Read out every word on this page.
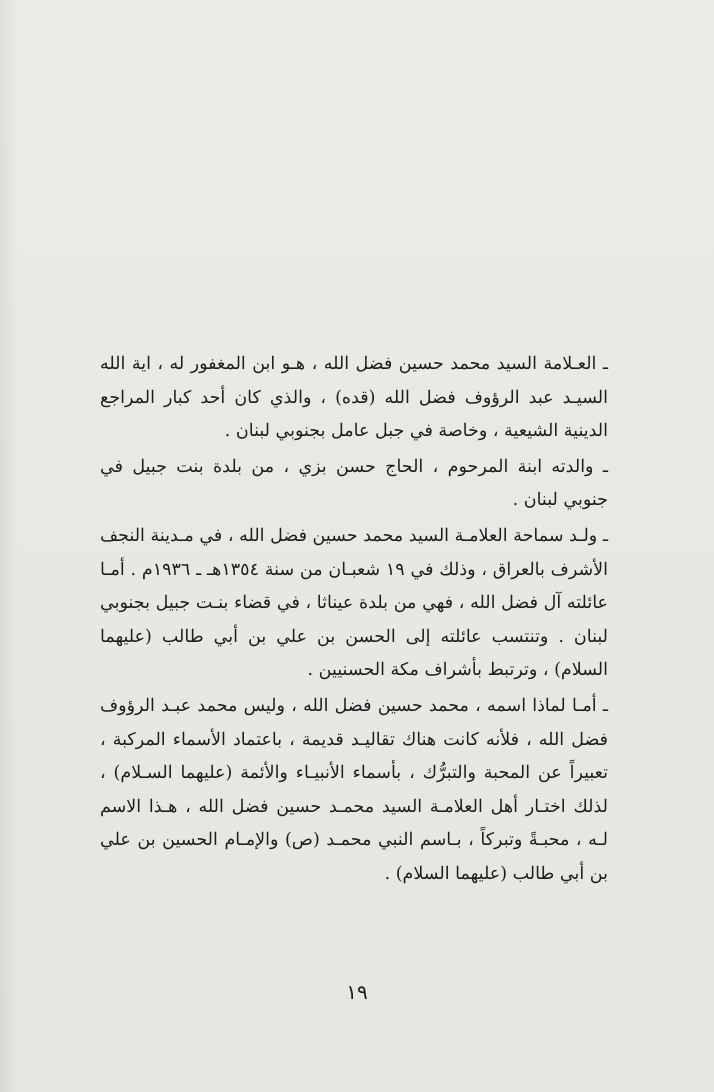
ـ العـلامة السيد محمد حسين فضل الله ، هـو ابن المغفور له ، اية الله السيـد عبد الرؤوف فضل الله (قده) ، والذي كان أحد كبار المراجع الدينية الشيعية ، وخاصة في جبل عامل بجنوبي لبنان .

ـ والدته ابنة المرحوم ، الحاج حسن بزي ، من بلدة بنت جبيل في جنوبي لبنان .

ـ ولـد سماحة العلامـة السيد محمد حسين فضل الله ، في مـدينة النجف الأشرف بالعراق ، وذلك في ١٩ شعبـان من سنة ١٣٥٤هـ ـ ١٩٣٦م . أمـا عائلته آل فضل الله ، فهي من بلدة عيناثا ، في قضاء بنـت جبيل بجنوبي لبنان . وتنتسب عائلته إلى الحسن بن علي بن أبي طالب (عليهما السلام) ، وترتبط بأشراف مكة الحسنيين .

ـ أمـا لماذا اسمه ، محمد حسين فضل الله ، وليس محمد عبـد الرؤوف فضل الله ، فلأنه كانت هناك تقاليـد قديمة ، باعتماد الأسماء المركبة ، تعبيراً عن المحبة والتبرُّك ، بأسماء الأنبيـاء والأئمة (عليهما السـلام) ، لذلك اختـار أهل العلامـة السيد محمـد حسين فضل الله ، هـذا الاسم لـه ، محبـةً وتبركاً ، بـاسم النبي محمـد (ص) والإمـام الحسين بن علي بن أبي طالب (عليهما السلام) .

١٩
